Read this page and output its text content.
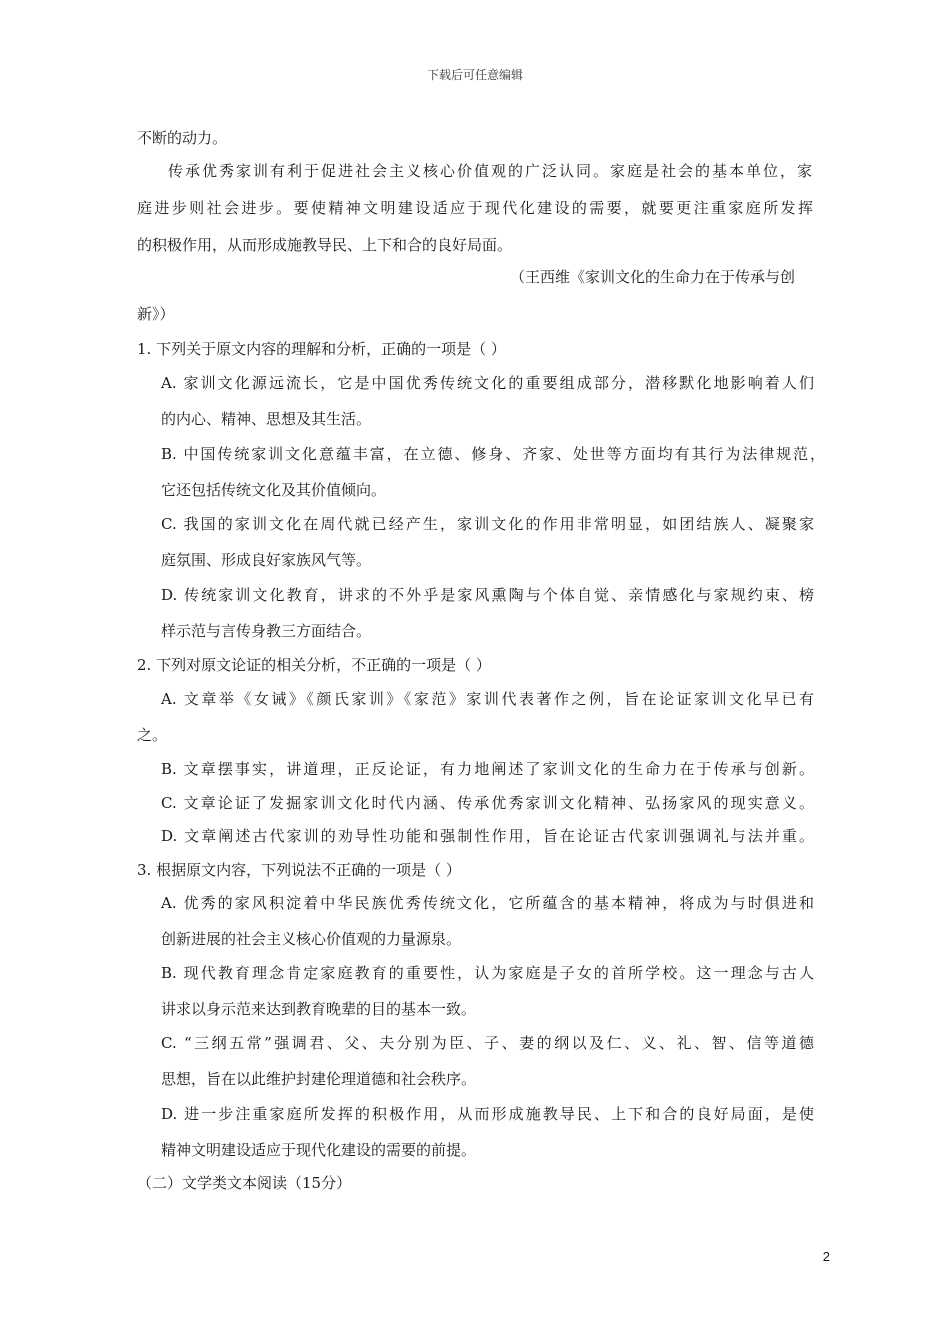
下载后可任意编辑
不断的动力。
传承优秀家训有利于促进社会主义核心价值观的广泛认同。家庭是社会的基本单位，家
庭进步则社会进步。要使精神文明建设适应于现代化建设的需要，就要更注重家庭所发挥
的积极作用，从而形成施教导民、上下和合的良好局面。
（王西维《家训文化的生命力在于传承与创
新》）
1. 下列关于原文内容的理解和分析，正确的一项是（ ）
A. 家训文化源远流长，它是中国优秀传统文化的重要组成部分，潜移默化地影响着人们
的内心、精神、思想及其生活。
B. 中国传统家训文化意蕴丰富，在立德、修身、齐家、处世等方面均有其行为法律规范，
它还包括传统文化及其价值倾向。
C. 我国的家训文化在周代就已经产生，家训文化的作用非常明显，如团结族人、凝聚家
庭氛围、形成良好家族风气等。
D. 传统家训文化教育，讲求的不外乎是家风熏陶与个体自觉、亲情感化与家规约束、榜
样示范与言传身教三方面结合。
2. 下列对原文论证的相关分析，不正确的一项是（ ）
A. 文章举《女诫》《颜氏家训》《家范》家训代表著作之例，旨在论证家训文化早已有
之。
B. 文章摆事实，讲道理，正反论证，有力地阐述了家训文化的生命力在于传承与创新。
C. 文章论证了发掘家训文化时代内涵、传承优秀家训文化精神、弘扬家风的现实意义。
D. 文章阐述古代家训的劝导性功能和强制性作用，旨在论证古代家训强调礼与法并重。
3. 根据原文内容，下列说法不正确的一项是（ ）
A. 优秀的家风积淀着中华民族优秀传统文化，它所蕴含的基本精神，将成为与时俱进和
创新进展的社会主义核心价值观的力量源泉。
B. 现代教育理念肯定家庭教育的重要性，认为家庭是子女的首所学校。这一理念与古人
讲求以身示范来达到教育晚辈的目的基本一致。
C. “三纲五常”强调君、父、夫分别为臣、子、妻的纲以及仁、义、礼、智、信等道德
思想，旨在以此维护封建伦理道德和社会秩序。
D. 进一步注重家庭所发挥的积极作用，从而形成施教导民、上下和合的良好局面，是使
精神文明建设适应于现代化建设的需要的前提。
（二）文学类文本阅读（15分）
2
